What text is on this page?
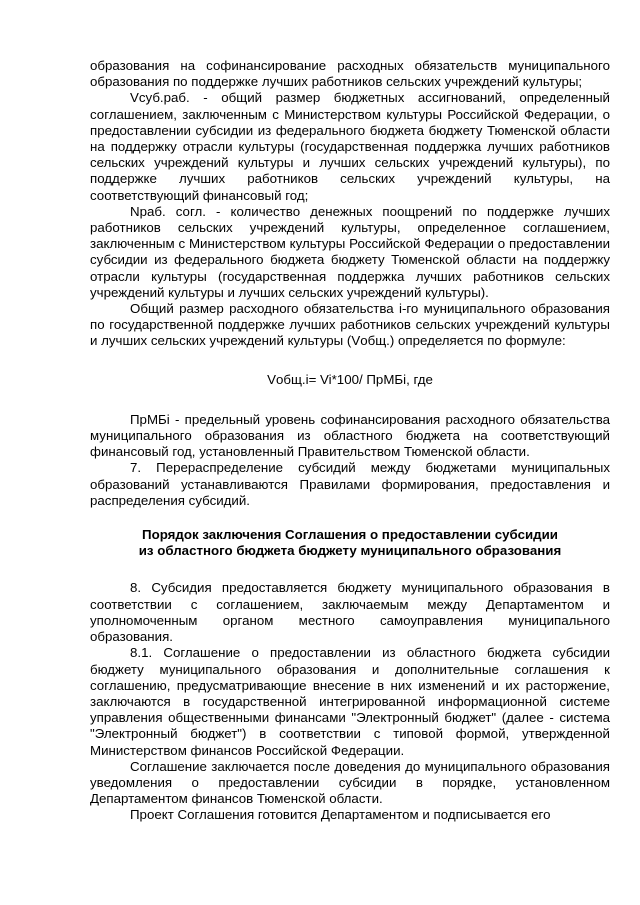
образования на софинансирование расходных обязательств муниципального образования по поддержке лучших работников сельских учреждений культуры;

Vсуб.раб. - общий размер бюджетных ассигнований, определенный соглашением, заключенным с Министерством культуры Российской Федерации, о предоставлении субсидии из федерального бюджета бюджету Тюменской области на поддержку отрасли культуры (государственная поддержка лучших работников сельских учреждений культуры и лучших сельских учреждений культуры), по поддержке лучших работников сельских учреждений культуры, на соответствующий финансовый год;

Nраб. согл. - количество денежных поощрений по поддержке лучших работников сельских учреждений культуры, определенное соглашением, заключенным с Министерством культуры Российской Федерации о предоставлении субсидии из федерального бюджета бюджету Тюменской области на поддержку отрасли культуры (государственная поддержка лучших работников сельских учреждений культуры и лучших сельских учреждений культуры).

Общий размер расходного обязательства i-го муниципального образования по государственной поддержке лучших работников сельских учреждений культуры и лучших сельских учреждений культуры (Vобщ.) определяется по формуле:

Vобщ.i= Vi*100/ ПрМБi, где

ПрМБi - предельный уровень софинансирования расходного обязательства муниципального образования из областного бюджета на соответствующий финансовый год, установленный Правительством Тюменской области.

7. Перераспределение субсидий между бюджетами муниципальных образований устанавливаются Правилами формирования, предоставления и распределения субсидий.

Порядок заключения Соглашения о предоставлении субсидии
из областного бюджета бюджету муниципального образования

8. Субсидия предоставляется бюджету муниципального образования в соответствии с соглашением, заключаемым между Департаментом и уполномоченным органом местного самоуправления муниципального образования.

8.1. Соглашение о предоставлении из областного бюджета субсидии бюджету муниципального образования и дополнительные соглашения к соглашению, предусматривающие внесение в них изменений и их расторжение, заключаются в государственной интегрированной информационной системе управления общественными финансами "Электронный бюджет" (далее - система "Электронный бюджет") в соответствии с типовой формой, утвержденной Министерством финансов Российской Федерации.

Соглашение заключается после доведения до муниципального образования уведомления о предоставлении субсидии в порядке, установленном Департаментом финансов Тюменской области.

Проект Соглашения готовится Департаментом и подписывается его
